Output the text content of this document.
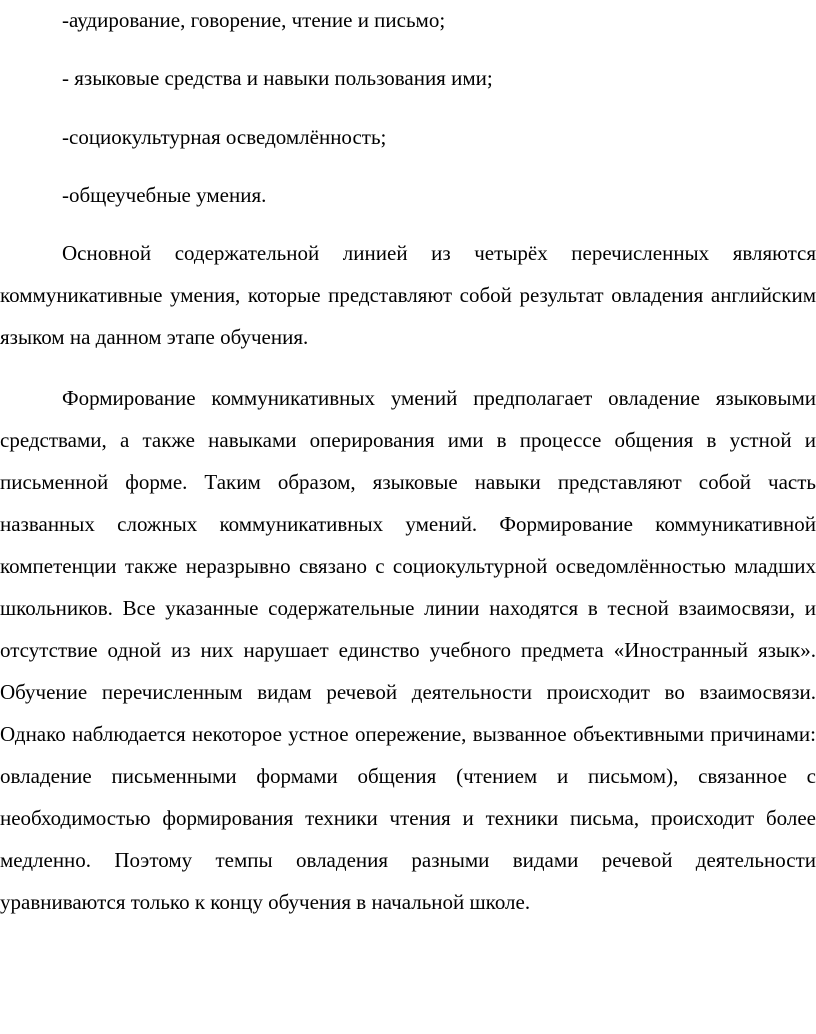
-аудирование, говорение, чтение и письмо;
- языковые средства и навыки пользования ими;
-социокультурная осведомлённость;
-общеучебные умения.

Основной содержательной линией из четырёх перечисленных являются коммуникативные умения, которые представляют собой результат овладения английским языком на данном этапе обучения.

Формирование коммуникативных умений предполагает овладение языковыми средствами, а также навыками оперирования ими в процессе общения в устной и письменной форме. Таким образом, языковые навыки представляют собой часть названных сложных коммуникативных умений. Формирование коммуникативной компетенции также неразрывно связано с социокультурной осведомлённостью младших школьников. Все указанные содержательные линии находятся в тесной взаимосвязи, и отсутствие одной из них нарушает единство учебного предмета «Иностранный язык». Обучение перечисленным видам речевой деятельности происходит во взаимосвязи. Однако наблюдается некоторое устное опережение, вызванное объективными причинами: овладение письменными формами общения (чтением и письмом), связанное с необходимостью формирования техники чтения и техники письма, происходит более медленно. Поэтому темпы овладения разными видами речевой деятельности уравниваются только к концу обучения в начальной школе.
